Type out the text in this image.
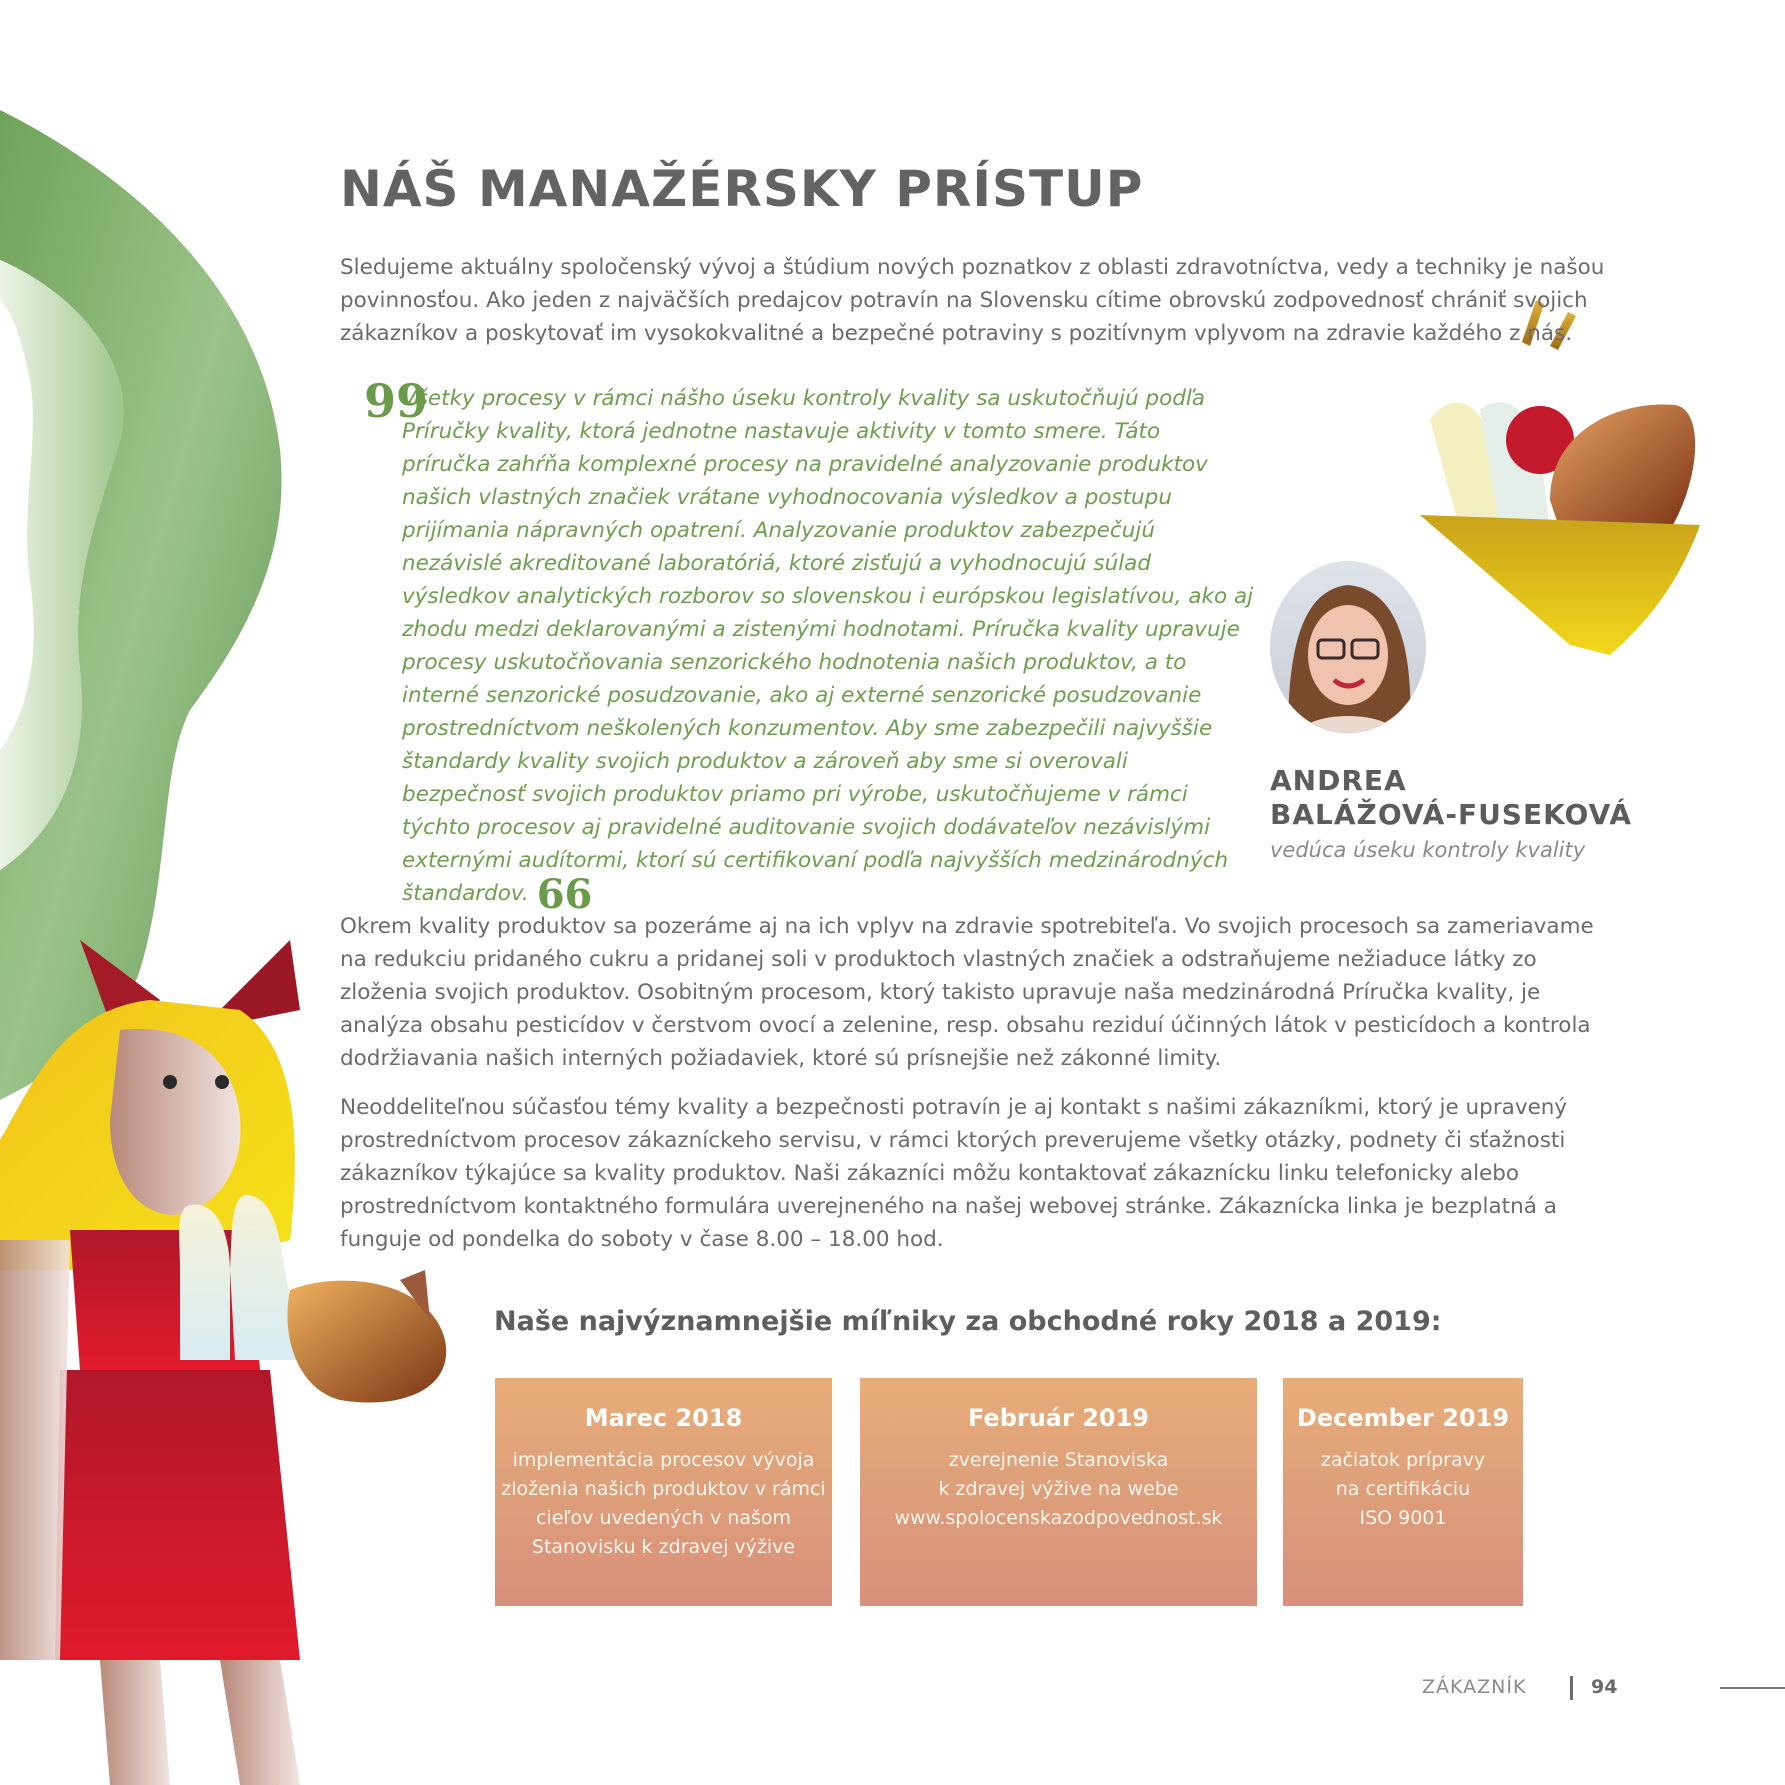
NÁŠ MANAŽÉRSKY PRÍSTUP

Sledujeme aktuálny spoločenský vývoj a štúdium nových poznatkov z oblasti zdravotníctva, vedy a techniky je našou povinnosťou. Ako jeden z najväčších predajcov potravín na Slovensku cítime obrovskú zodpovednosť chrániť svojich zákazníkov a poskytovať im vysokokvalitné a bezpečné potraviny s pozitívnym vplyvom na zdravie každého z nás.

99

Všetky procesy v rámci nášho úseku kontroly kvality sa uskutočňujú podľa Príručky kvality, ktorá jednotne nastavuje aktivity v tomto smere. Táto príručka zahŕňa komplexné procesy na pravidelné analyzovanie produktov našich vlastných značiek vrátane vyhodnocovania výsledkov a postupu prijímania nápravných opatrení. Analyzovanie produktov zabezpečujú nezávislé akreditované laboratóriá, ktoré zisťujú a vyhodnocujú súlad výsledkov analytických rozborov so slovenskou i európskou legislatívou, ako aj zhodu medzi deklarovanými a zistenými hodnotami. Príručka kvality upravuje procesy uskutočňovania senzorického hodnotenia našich produktov, a to interné senzorické posudzovanie, ako aj externé senzorické posudzovanie prostredníctvom neškolených konzumentov. Aby sme zabezpečili najvyššie štandardy kvality svojich produktov a zároveň aby sme si overovali bezpečnosť svojich produktov priamo pri výrobe, uskutočňujeme v rámci týchto procesov aj pravidelné auditovanie svojich dodávateľov nezávislými externými audítormi, ktorí sú certifikovaní podľa najvyšších medzinárodných štandardov. 66

ANDREA
BALÁŽOVÁ-FUSEKOVÁ

vedúca úseku kontroly kvality

Okrem kvality produktov sa pozeráme aj na ich vplyv na zdravie spotrebiteľa. Vo svojich procesoch sa zameriavame na redukciu pridaného cukru a pridanej soli v produktoch vlastných značiek a odstraňujeme nežiaduce látky zo zloženia svojich produktov. Osobitným procesom, ktorý takisto upravuje naša medzinárodná Príručka kvality, je analýza obsahu pesticídov v čerstvom ovocí a zelenine, resp. obsahu reziduí účinných látok v pesticídoch a kontrola dodržiavania našich interných požiadaviek, ktoré sú prísnejšie než zákonné limity.

Neoddeliteľnou súčasťou témy kvality a bezpečnosti potravín je aj kontakt s našimi zákazníkmi, ktorý je upravený prostredníctvom procesov zákazníckeho servisu, v rámci ktorých preverujeme všetky otázky, podnety či sťažnosti zákazníkov týkajúce sa kvality produktov. Naši zákazníci môžu kontaktovať zákaznícku linku telefonicky alebo prostredníctvom kontaktného formulára uverejneného na našej webovej stránke. Zákaznícka linka je bezplatná a funguje od pondelka do soboty v čase 8.00 – 18.00 hod.

Naše najvýznamnejšie míľniky za obchodné roky 2018 a 2019:

Marec 2018

implementácia procesov vývoja
zloženia našich produktov v rámci
cieľov uvedených v našom
Stanovisku k zdravej výžive

Február 2019

zverejnenie Stanoviska
k zdravej výžive na webe
www.spolocenskazodpovednost.sk

December 2019

začiatok prípravy
na certifikáciu
ISO 9001

ZÁKAZNÍK	94
